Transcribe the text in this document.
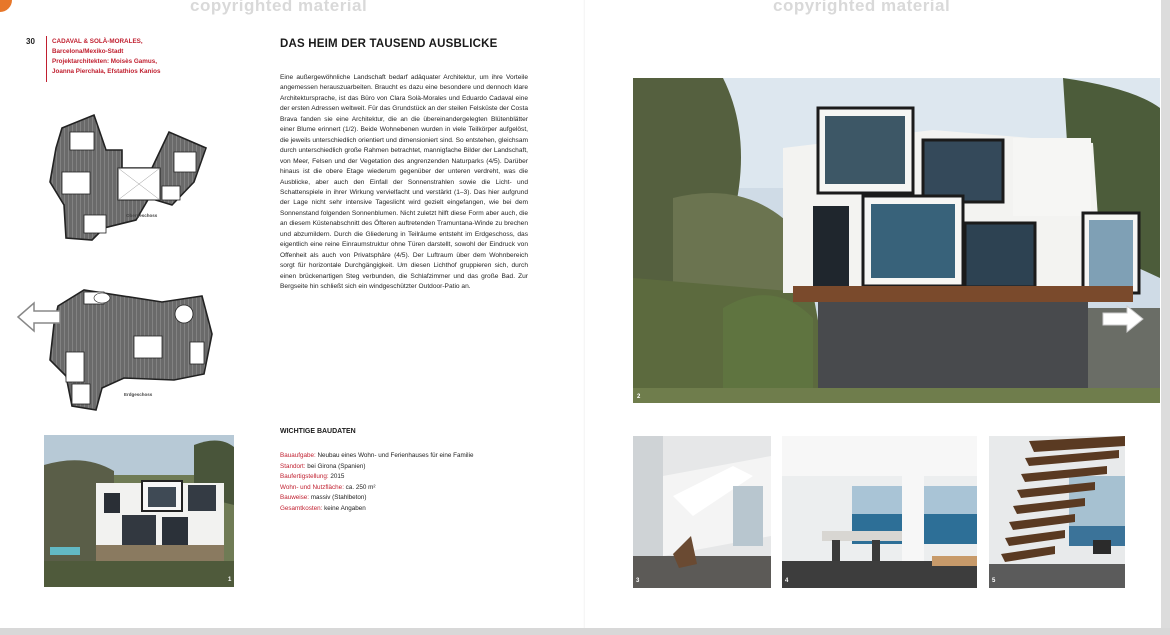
copyrighted material
30	CADAVAL & SOLÀ-MORALES,
Barcelona/Mexiko-Stadt
Projektarchitekten: Moisès Gamus,
Joanna Pierchala, Efstathios Kanios
DAS HEIM DER TAUSEND AUSBLICKE
Eine außergewöhnliche Landschaft bedarf adäquater Architektur, um ihre Vorteile angemessen herauszuarbeiten. Braucht es dazu eine besondere und dennoch klare Architektursprache, ist das Büro von Clara Solà-Morales und Eduardo Cadaval eine der ersten Adressen weltweit. Für das Grundstück an der steilen Felsküste der Costa Brava fanden sie eine Architektur, die an die übereinandergelegten Blütenblätter einer Blume erinnert (1/2). Beide Wohnebenen wurden in viele Teilkörper aufgelöst, die jeweils unterschiedlich orientiert und dimensioniert sind. So entstehen, gleichsam durch unterschiedlich große Rahmen betrachtet, mannigfache Bilder der Landschaft, von Meer, Felsen und der Vegetation des angrenzenden Naturparks (4/5). Darüber hinaus ist die obere Etage wiederum gegenüber der unteren verdreht, was die Ausblicke, aber auch den Einfall der Sonnenstrahlen sowie die Licht- und Schattenspiele in ihrer Wirkung vervielfacht und verstärkt (1–3). Das hier aufgrund der Lage nicht sehr intensive Tageslicht wird gezielt eingefangen, wie bei dem Sonnenstand folgenden Sonnenblumen. Nicht zuletzt hilft diese Form aber auch, die an diesem Küstenabschnitt des Öfteren auftretenden Tramuntana-Winde zu brechen und abzumildern. Durch die Gliederung in Teilräume entsteht im Erdgeschoss, das eigentlich eine reine Einraumstruktur ohne Türen darstellt, sowohl der Eindruck von Offenheit als auch von Privatsphäre (4/5). Der Luftraum über dem Wohnbereich sorgt für horizontale Durchgängigkeit. Um diesen Lichthof gruppieren sich, durch einen brückenartigen Steg verbunden, die Schlafzimmer und das große Bad. Zur Bergseite hin schließt sich ein windgeschützter Outdoor-Patio an.
WICHTIGE BAUDATEN
Bauaufgabe: Neubau eines Wohn- und Ferienhauses für eine Familie
Standort: bei Girona (Spanien)
Baufertigstellung: 2015
Wohn- und Nutzfläche: ca. 250 m²
Bauweise: massiv (Stahlbeton)
Gesamtkosten: keine Angaben
Obergeschoss
Erdgeschoss
1
copyrighted material
2
3	4	5
